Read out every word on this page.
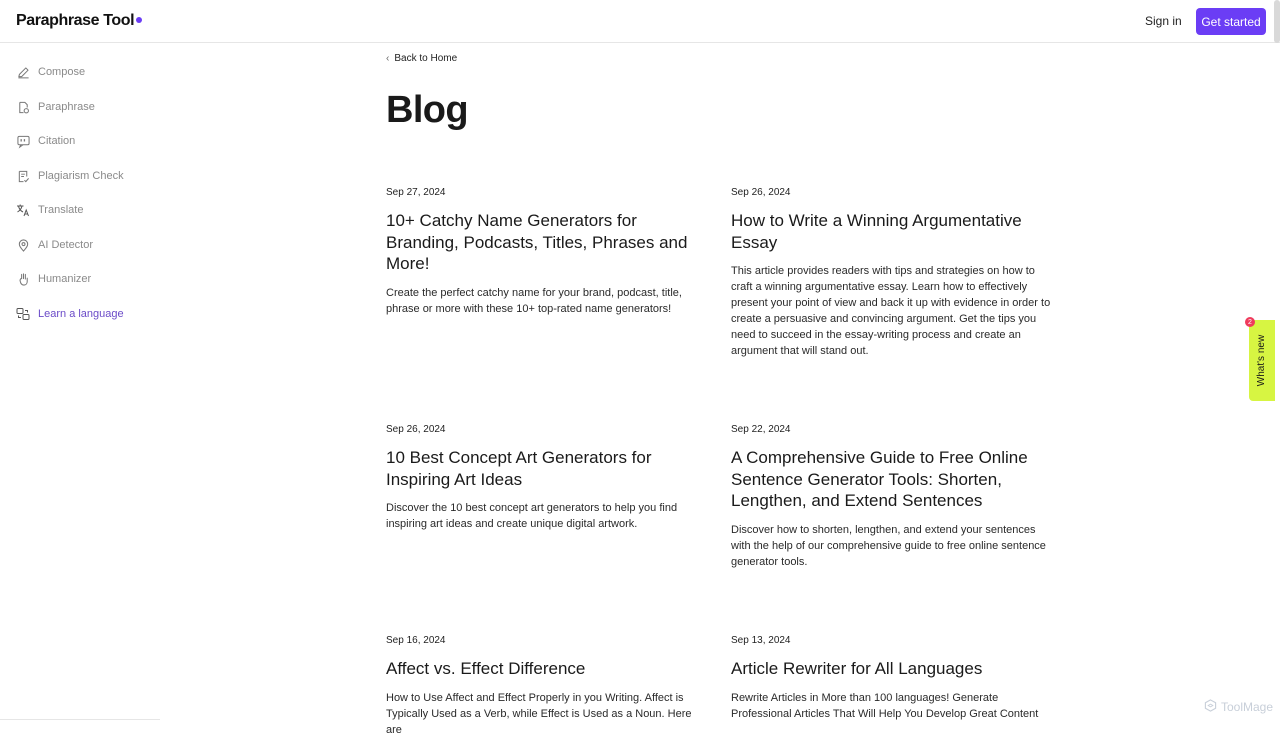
Paraphrase Tool	Sign in	Get started
Compose
Paraphrase
Citation
Plagiarism Check
Translate
AI Detector
Humanizer
Learn a language
‹ Back to Home
Blog
Sep 27, 2024
10+ Catchy Name Generators for Branding, Podcasts, Titles, Phrases and More!
Create the perfect catchy name for your brand, podcast, title, phrase or more with these 10+ top-rated name generators!
Sep 26, 2024
How to Write a Winning Argumentative Essay
This article provides readers with tips and strategies on how to craft a winning argumentative essay. Learn how to effectively present your point of view and back it up with evidence in order to create a persuasive and convincing argument. Get the tips you need to succeed in the essay-writing process and create an argument that will stand out.
Sep 26, 2024
10 Best Concept Art Generators for Inspiring Art Ideas
Discover the 10 best concept art generators to help you find inspiring art ideas and create unique digital artwork.
Sep 22, 2024
A Comprehensive Guide to Free Online Sentence Generator Tools: Shorten, Lengthen, and Extend Sentences
Discover how to shorten, lengthen, and extend your sentences with the help of our comprehensive guide to free online sentence generator tools.
Sep 16, 2024
Affect vs. Effect Difference
How to Use Affect and Effect Properly in you Writing. Affect is Typically Used as a Verb, while Effect is Used as a Noun. Here are
Sep 13, 2024
Article Rewriter for All Languages
Rewrite Articles in More than 100 languages! Generate Professional Articles That Will Help You Develop Great Content
What's new
2
ToolMage
